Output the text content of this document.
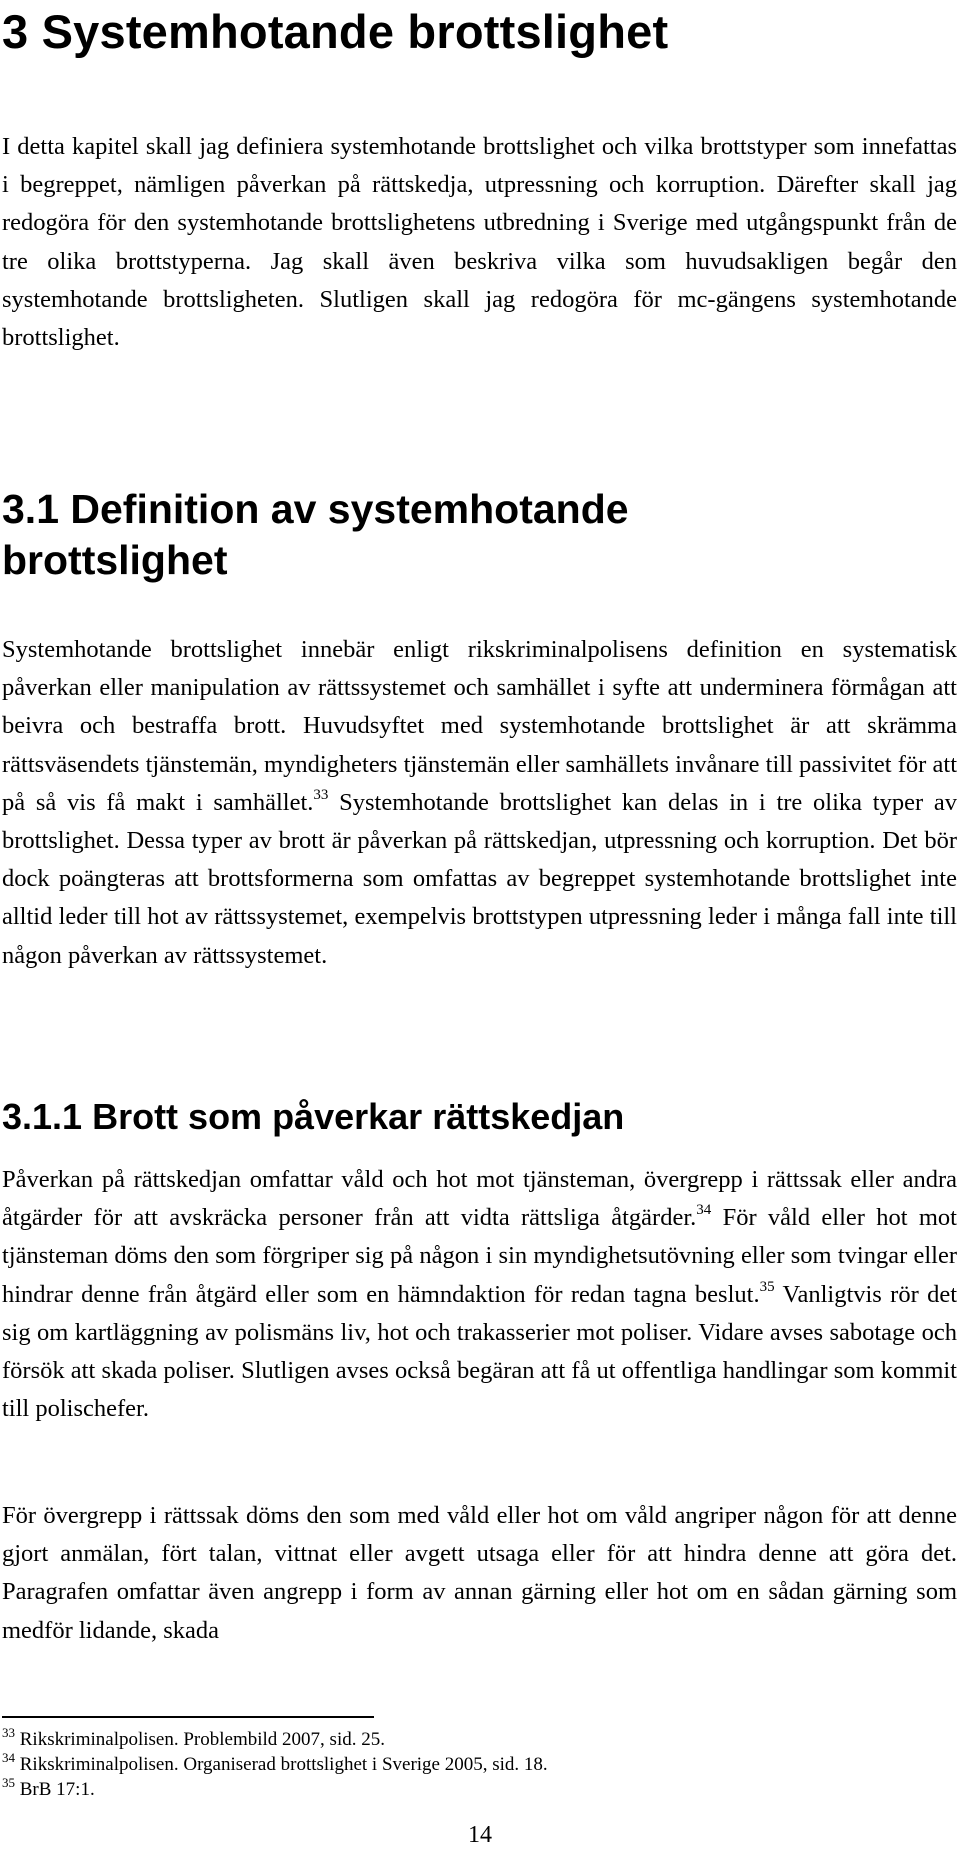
3 Systemhotande brottslighet

I detta kapitel skall jag definiera systemhotande brottslighet och vilka brottstyper som innefattas i begreppet, nämligen påverkan på rättskedja, utpressning och korruption. Därefter skall jag redogöra för den systemhotande brottslighetens utbredning i Sverige med utgångspunkt från de tre olika brottstyperna. Jag skall även beskriva vilka som huvudsakligen begår den systemhotande brottsligheten. Slutligen skall jag redogöra för mc-gängens systemhotande brottslighet.

3.1 Definition av systemhotande brottslighet

Systemhotande brottslighet innebär enligt rikskriminalpolisens definition en systematisk påverkan eller manipulation av rättssystemet och samhället i syfte att underminera förmågan att beivra och bestraffa brott. Huvudsyftet med systemhotande brottslighet är att skrämma rättsväsendets tjänstemän, myndigheters tjänstemän eller samhällets invånare till passivitet för att på så vis få makt i samhället.$^{33}$ Systemhotande brottslighet kan delas in i tre olika typer av brottslighet. Dessa typer av brott är påverkan på rättskedjan, utpressning och korruption. Det bör dock poängteras att brottsformerna som omfattas av begreppet systemhotande brottslighet inte alltid leder till hot av rättssystemet, exempelvis brottstypen utpressning leder i många fall inte till någon påverkan av rättssystemet.

3.1.1 Brott som påverkar rättskedjan

Påverkan på rättskedjan omfattar våld och hot mot tjänsteman, övergrepp i rättssak eller andra åtgärder för att avskräcka personer från att vidta rättsliga åtgärder.$^{34}$ För våld eller hot mot tjänsteman döms den som förgriper sig på någon i sin myndighetsutövning eller som tvingar eller hindrar denne från åtgärd eller som en hämndaktion för redan tagna beslut.$^{35}$ Vanligtvis rör det sig om kartläggning av polismäns liv, hot och trakasserier mot poliser. Vidare avses sabotage och försök att skada poliser. Slutligen avses också begäran att få ut offentliga handlingar som kommit till polischefer.

För övergrepp i rättssak döms den som med våld eller hot om våld angriper någon för att denne gjort anmälan, fört talan, vittnat eller avgett utsaga eller för att hindra denne att göra det. Paragrafen omfattar även angrepp i form av annan gärning eller hot om en sådan gärning som medför lidande, skada

$^{33}$ Rikskriminalpolisen. Problembild 2007, sid. 25.
$^{34}$ Rikskriminalpolisen. Organiserad brottslighet i Sverige 2005, sid. 18.
$^{35}$ BrB 17:1.
14
